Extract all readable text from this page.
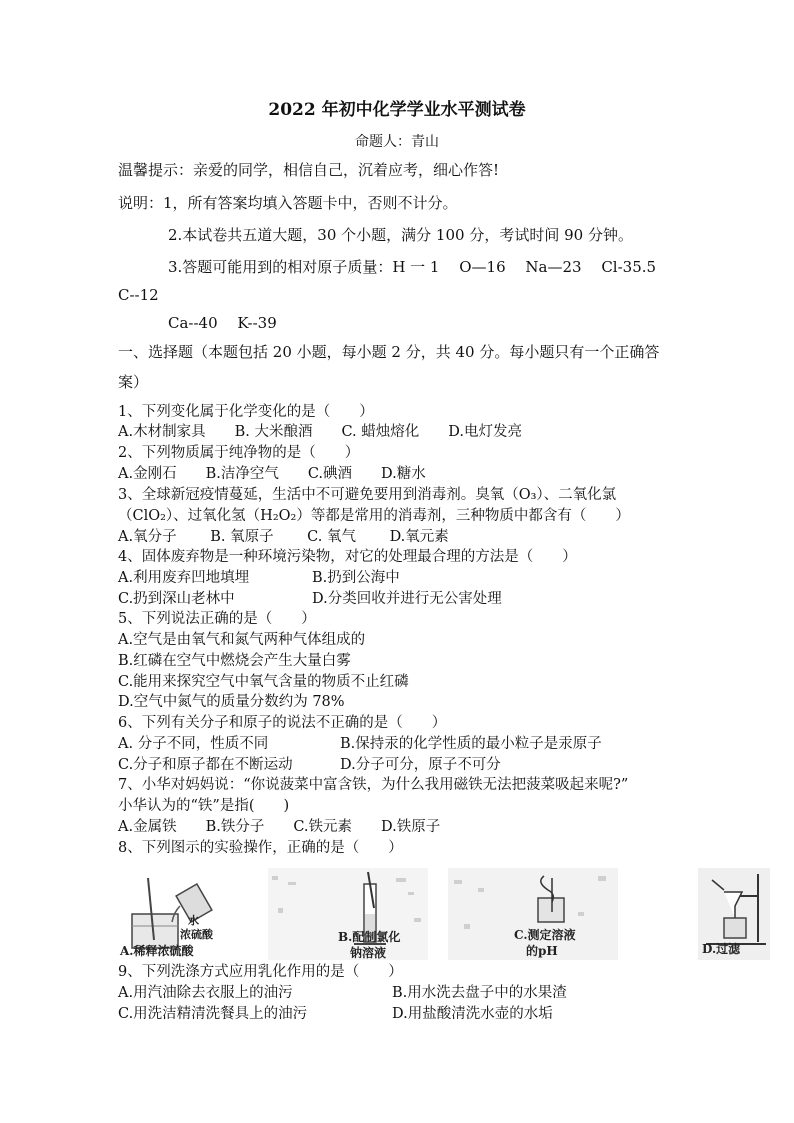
2022 年初中化学学业水平测试卷
命题人：青山
温馨提示：亲爱的同学，相信自己，沉着应考，细心作答!
说明：1，所有答案均填入答题卡中，否则不计分。
2.本试卷共五道大题，30 个小题，满分 100 分，考试时间 90 分钟。
3.答题可能用到的相对原子质量：H 一 1　 O—16　 Na—23　 Cl-35.5
C--12
Ca--40　 K--39
一、选择题（本题包括 20 小题，每小题 2 分，共 40 分。每小题只有一个正确答
案）
1、下列变化属于化学变化的是（　　）
A.木材制家具　　B. 大米酿酒　　C. 蜡烛熔化　　D.电灯发亮
2、下列物质属于纯净物的是（　　）
A.金刚石　　B.洁净空气　　C.碘酒　　D.糖水
3、全球新冠疫情蔓延，生活中不可避免要用到消毒剂。臭氧（O₃）、二氧化氯
（ClO₂）、过氧化氢（H₂O₂）等都是常用的消毒剂，三种物质中都含有（　　）
A.氧分子　　 B. 氧原子　　 C. 氧气　　 D.氧元素
4、固体废弃物是一种环境污染物，对它的处理最合理的方法是（　　）
A.利用废弃凹地填埋	B.扔到公海中
C.扔到深山老林中	D.分类回收并进行无公害处理
5、下列说法正确的是（　　）
A.空气是由氧气和氮气两种气体组成的
B.红磷在空气中燃烧会产生大量白雾
C.能用来探究空气中氧气含量的物质不止红磷
D.空气中氮气的质量分数约为 78%
6、下列有关分子和原子的说法不正确的是（　　）
A. 分子不同，性质不同	B.保持汞的化学性质的最小粒子是汞原子
C.分子和原子都在不断运动	D.分子可分，原子不可分
7、小华对妈妈说：“你说菠菜中富含铁，为什么我用磁铁无法把菠菜吸起来呢?”
小华认为的“铁”是指(　　)
A.金属铁　　B.铁分子　　C.铁元素　　D.铁原子
8、下列图示的实验操作，正确的是（　　）
水
浓硫酸
A.稀释浓硫酸
B.配制氯化
钠溶液
C.测定溶液
的pH	D.过滤
9、下列洗涤方式应用乳化作用的是（　　）
A.用汽油除去衣服上的油污	B.用水洗去盘子中的水果渣
C.用洗洁精清洗餐具上的油污	D.用盐酸清洗水壶的水垢
